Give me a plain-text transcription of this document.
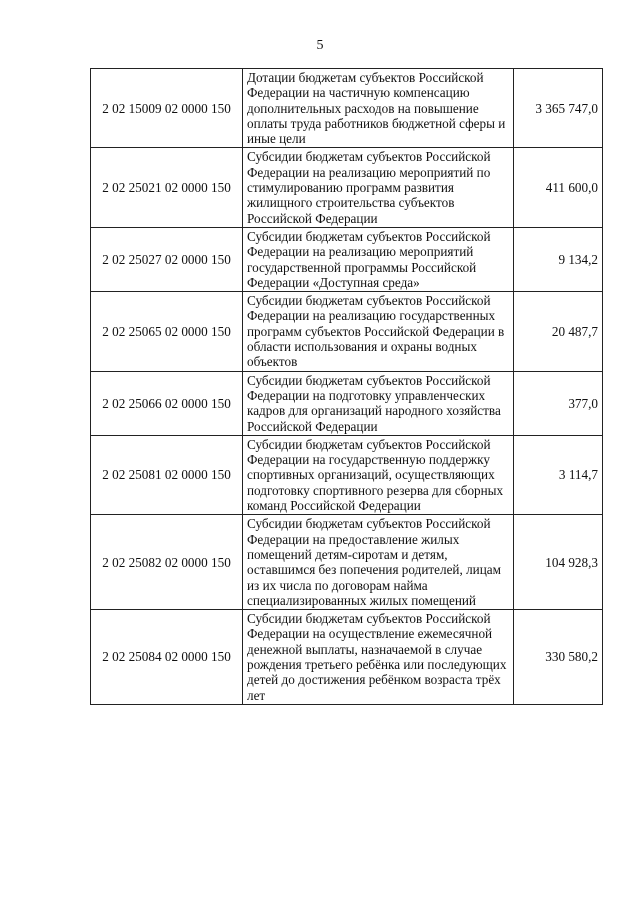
5
2 02 15009 02 0000 150	Дотации бюджетам субъектов Российской Федерации на частичную компенсацию дополнительных расходов на повышение оплаты труда работников бюджетной сферы и иные цели	3 365 747,0
2 02 25021 02 0000 150	Субсидии бюджетам субъектов Российской Федерации на реализацию мероприятий по стимулированию программ развития жилищного строительства субъектов Российской Федерации	411 600,0
2 02 25027 02 0000 150	Субсидии бюджетам субъектов Российской Федерации на реализацию мероприятий государственной программы Российской Федерации «Доступная среда»	9 134,2
2 02 25065 02 0000 150	Субсидии бюджетам субъектов Российской Федерации на реализацию государственных программ субъектов Российской Федерации в области использования и охраны водных объектов	20 487,7
2 02 25066 02 0000 150	Субсидии бюджетам субъектов Российской Федерации на подготовку управленческих кадров для организаций народного хозяйства Российской Федерации	377,0
2 02 25081 02 0000 150	Субсидии бюджетам субъектов Российской Федерации на государственную поддержку спортивных организаций, осуществляющих подготовку спортивного резерва для сборных команд Российской Федерации	3 114,7
2 02 25082 02 0000 150	Субсидии бюджетам субъектов Российской Федерации на предоставление жилых помещений детям-сиротам и детям, оставшимся без попечения родителей, лицам из их числа по договорам найма специализированных жилых помещений	104 928,3
2 02 25084 02 0000 150	Субсидии бюджетам субъектов Российской Федерации на осуществление ежемесячной денежной выплаты, назначаемой в случае рождения третьего ребёнка или последующих детей до достижения ребёнком возраста трёх лет	330 580,2
